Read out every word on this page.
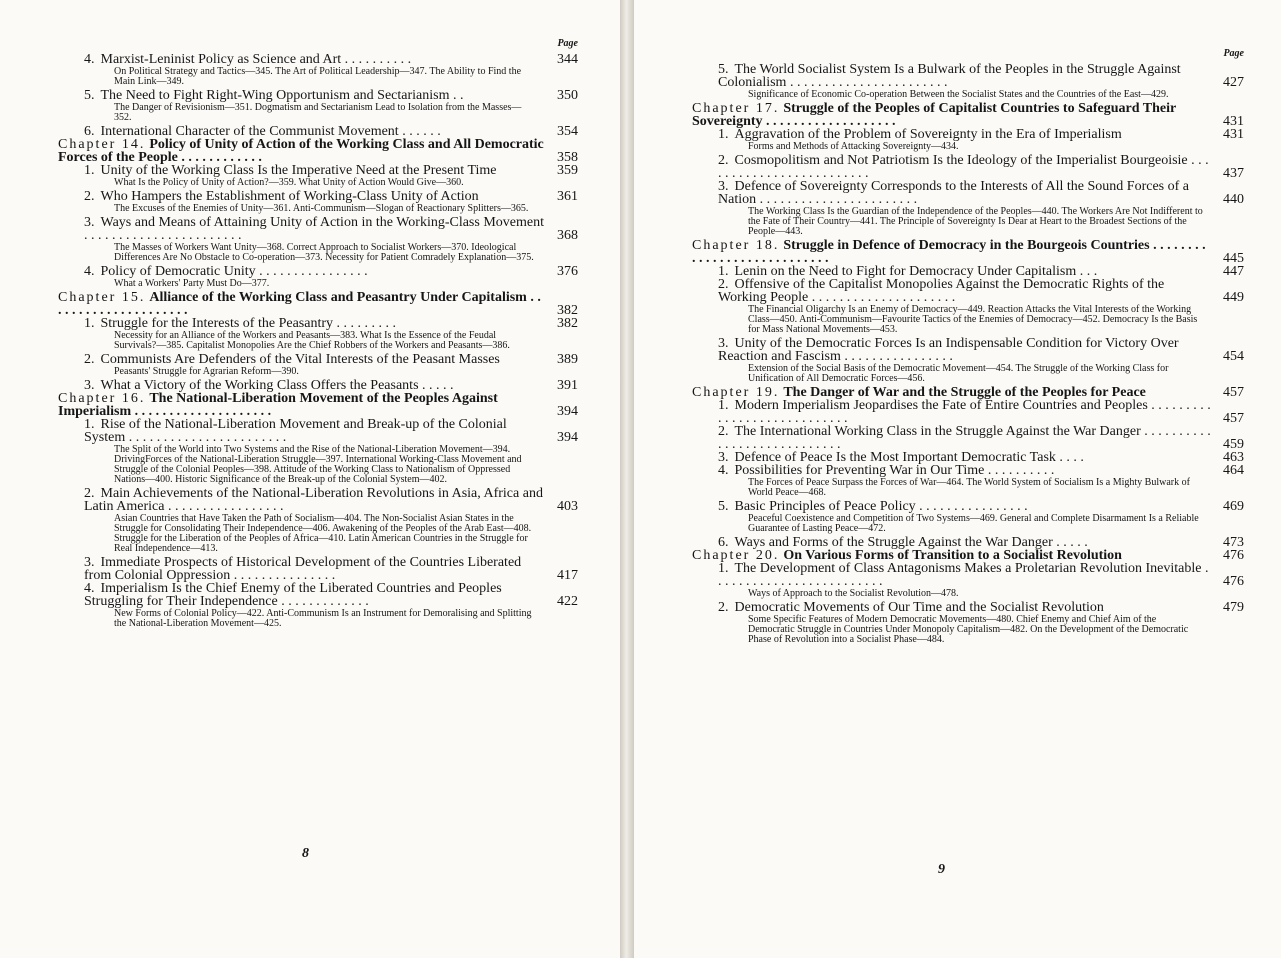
Page
4. Marxist-Leninist Policy as Science and Art . . . . . . . . . .	344
On Political Strategy and Tactics—345. The Art of Political Leadership—347. The Ability to Find the Main Link—349.
5. The Need to Fight Right-Wing Opportunism and Sectarianism . .	350
The Danger of Revisionism—351. Dogmatism and Sectarianism Lead to Isolation from the Masses—352.
6. International Character of the Communist Movement . . . . . .	354
Chapter 14. Policy of Unity of Action of the Working Class and All Democratic Forces of the People . . . . . . . . . . . .	358
1. Unity of the Working Class Is the Imperative Need at the Present Time	359
What Is the Policy of Unity of Action?—359. What Unity of Action Would Give—360.
2. Who Hampers the Establishment of Working-Class Unity of Action	361
The Excuses of the Enemies of Unity—361. Anti-Communism—Slogan of Reactionary Splitters—365.
3. Ways and Means of Attaining Unity of Action in the Working-Class Movement . . . . . . . . . . . . . . . . . . . . . . .	368
The Masses of Workers Want Unity—368. Correct Approach to Socialist Workers—370. Ideological Differences Are No Obstacle to Co-operation—373. Necessity for Patient Comradely Explanation—375.
4. Policy of Democratic Unity . . . . . . . . . . . . . . . .	376
What a Workers' Party Must Do—377.
Chapter 15. Alliance of the Working Class and Peasantry Under Capitalism . . . . . . . . . . . . . . . . . . . . .	382
1. Struggle for the Interests of the Peasantry . . . . . . . . .	382
Necessity for an Alliance of the Workers and Peasants—383. What Is the Essence of the Feudal Survivals?—385. Capitalist Monopolies Are the Chief Robbers of the Workers and Peasants—386.
2. Communists Are Defenders of the Vital Interests of the Peasant Masses	389
Peasants' Struggle for Agrarian Reform—390.
3. What a Victory of the Working Class Offers the Peasants . . . . .	391
Chapter 16. The National-Liberation Movement of the Peoples Against Imperialism . . . . . . . . . . . . . . . . . . . .	394
1. Rise of the National-Liberation Movement and Break-up of the Colonial System . . . . . . . . . . . . . . . . . . . . . . .	394
The Split of the World into Two Systems and the Rise of the National-Liberation Movement—394. DrivingForces of the National-Liberation Struggle—397. International Working-Class Movement and Struggle of the Colonial Peoples—398. Attitude of the Working Class to Nationalism of Oppressed Nations—400. Historic Significance of the Break-up of the Colonial System—402.
2. Main Achievements of the National-Liberation Revolutions in Asia, Africa and Latin America . . . . . . . . . . . . . . . . .	403
Asian Countries that Have Taken the Path of Socialism—404. The Non-Socialist Asian States in the Struggle for Consolidating Their Independence—406. Awakening of the Peoples of the Arab East—408. Struggle for the Liberation of the Peoples of Africa—410. Latin American Countries in the Struggle for Real Independence—413.
3. Immediate Prospects of Historical Development of the Countries Liberated from Colonial Oppression . . . . . . . . . . . . . . .	417
4. Imperialism Is the Chief Enemy of the Liberated Countries and Peoples Struggling for Their Independence . . . . . . . . . . . . .	422
New Forms of Colonial Policy—422. Anti-Communism Is an Instrument for Demoralising and Splitting the National-Liberation Movement—425.
8
Page
5. The World Socialist System Is a Bulwark of the Peoples in the Struggle Against Colonialism . . . . . . . . . . . . . . . . . . . . . . .	427
Significance of Economic Co-operation Between the Socialist States and the Countries of the East—429.
Chapter 17. Struggle of the Peoples of Capitalist Countries to Safeguard Their Sovereignty . . . . . . . . . . . . . . . . . . .	431
1. Aggravation of the Problem of Sovereignty in the Era of Imperialism	431
Forms and Methods of Attacking Sovereignty—434.
2. Cosmopolitism and Not Patriotism Is the Ideology of the Imperialist Bourgeoisie . . . . . . . . . . . . . . . . . . . . . . . . .	437
3. Defence of Sovereignty Corresponds to the Interests of All the Sound Forces of a Nation . . . . . . . . . . . . . . . . . . . . . . .	440
The Working Class Is the Guardian of the Independence of the Peoples—440. The Workers Are Not Indifferent to the Fate of Their Country—441. The Principle of Sovereignty Is Dear at Heart to the Broadest Sections of the People—443.
Chapter 18. Struggle in Defence of Democracy in the Bourgeois Countries . . . . . . . . . . . . . . . . . . . . . . . . . . . .	445
1. Lenin on the Need to Fight for Democracy Under Capitalism . . .	447
2. Offensive of the Capitalist Monopolies Against the Democratic Rights of the Working People . . . . . . . . . . . . . . . . . . . . .	449
The Financial Oligarchy Is an Enemy of Democracy—449. Reaction Attacks the Vital Interests of the Working Class—450. Anti-Communism—Favourite Tactics of the Enemies of Democracy—452. Democracy Is the Basis for Mass National Movements—453.
3. Unity of the Democratic Forces Is an Indispensable Condition for Victory Over Reaction and Fascism . . . . . . . . . . . . . . . .	454
Extension of the Social Basis of the Democratic Movement—454. The Struggle of the Working Class for Unification of All Democratic Forces—456.
Chapter 19. The Danger of War and the Struggle of the Peoples for Peace	457
1. Modern Imperialism Jeopardises the Fate of Entire Countries and Peoples . . . . . . . . . . . . . . . . . . . . . . . . . . . .	457
2. The International Working Class in the Struggle Against the War Danger . . . . . . . . . . . . . . . . . . . . . . . . . . . .	459
3. Defence of Peace Is the Most Important Democratic Task . . . .	463
4. Possibilities for Preventing War in Our Time . . . . . . . . . .	464
The Forces of Peace Surpass the Forces of War—464. The World System of Socialism Is a Mighty Bulwark of World Peace—468.
5. Basic Principles of Peace Policy . . . . . . . . . . . . . . . .	469
Peaceful Coexistence and Competition of Two Systems—469. General and Complete Disarmament Is a Reliable Guarantee of Lasting Peace—472.
6. Ways and Forms of the Struggle Against the War Danger . . . . .	473
Chapter 20. On Various Forms of Transition to a Socialist Revolution	476
1. The Development of Class Antagonisms Makes a Proletarian Revolution Inevitable . . . . . . . . . . . . . . . . . . . . . . . . .	476
Ways of Approach to the Socialist Revolution—478.
2. Democratic Movements of Our Time and the Socialist Revolution	479
Some Specific Features of Modern Democratic Movements—480. Chief Enemy and Chief Aim of the Democratic Struggle in Countries Under Monopoly Capitalism—482. On the Development of the Democratic Phase of Revolution into a Socialist Phase—484.
9
